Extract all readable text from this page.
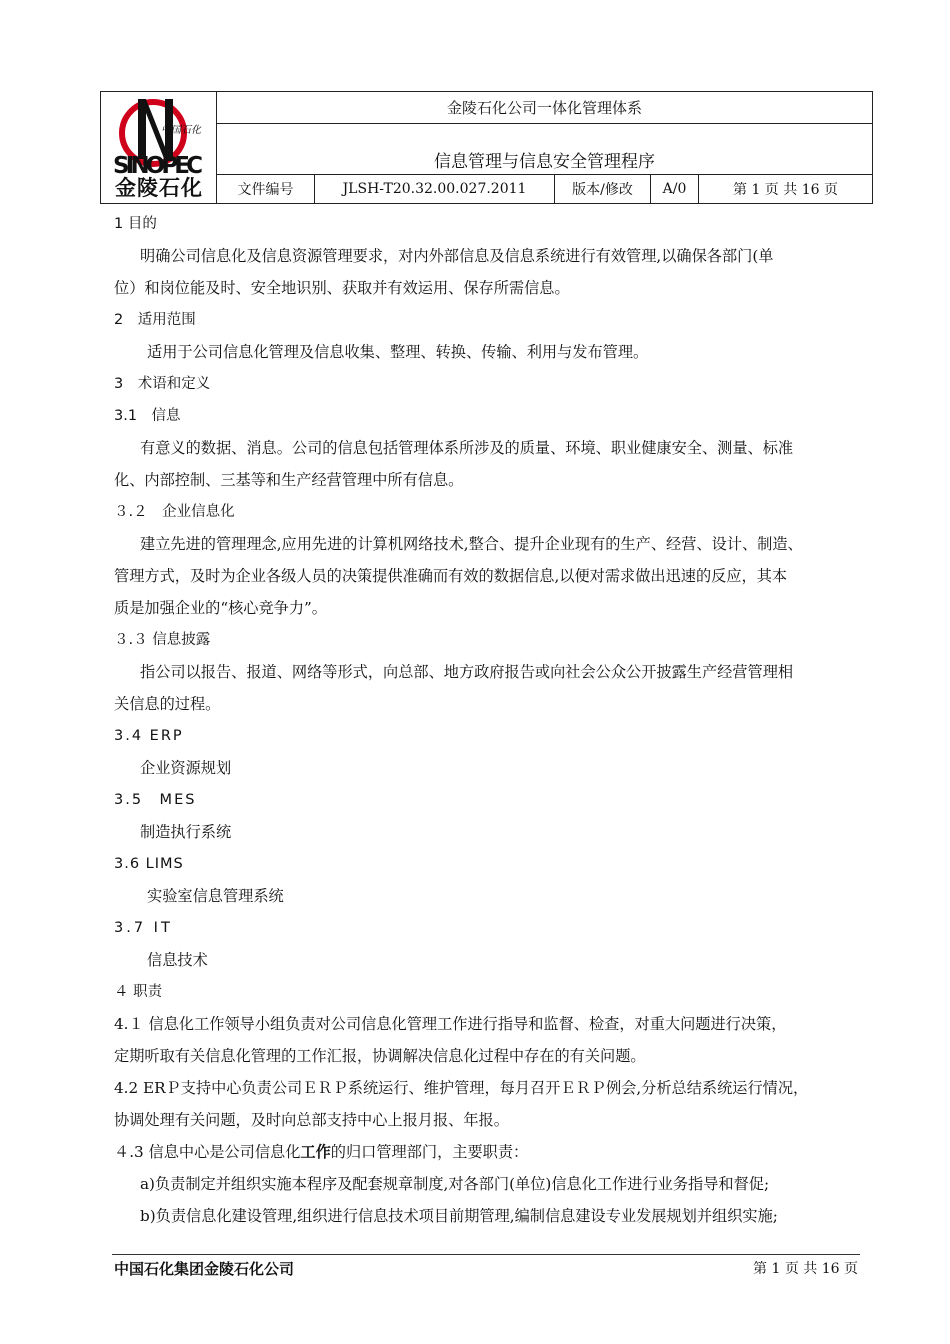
中国石化
SINOPEC
金陵石化	金陵石化公司一体化管理体系				
	信息管理与信息安全管理程序				
	文件编号	JLSH-T20.32.00.027.2011	版本/修改	A/0	第 1 页 共 16 页
1 目的
明确公司信息化及信息资源管理要求，对内外部信息及信息系统进行有效管理,以确保各部门(单
位）和岗位能及时、安全地识别、获取并有效运用、保存所需信息。
2　适用范围
适用于公司信息化管理及信息收集、整理、转换、传输、利用与发布管理。
3　术语和定义
3.1　信息
有意义的数据、消息。公司的信息包括管理体系所涉及的质量、环境、职业健康安全、测量、标准
化、内部控制、三基等和生产经营管理中所有信息。
３.２　企业信息化
建立先进的管理理念,应用先进的计算机网络技术,整合、提升企业现有的生产、经营、设计、制造、
管理方式，及时为企业各级人员的决策提供准确而有效的数据信息,以便对需求做出迅速的反应，其本
质是加强企业的“核心竞争力”。
３.３ 信息披露
指公司以报告、报道、网络等形式，向总部、地方政府报告或向社会公众公开披露生产经营管理相
关信息的过程。
3.4 ERP
企业资源规划
3.5　MES
制造执行系统
3.6 LIMS
实验室信息管理系统
3.7 IT
信息技术
４ 职责
4.１ 信息化工作领导小组负责对公司信息化管理工作进行指导和监督、检查，对重大问题进行决策，
定期听取有关信息化管理的工作汇报，协调解决信息化过程中存在的有关问题。
4.2 ERＰ支持中心负责公司ＥＲＰ系统运行、维护管理，每月召开ＥＲＰ例会,分析总结系统运行情况，
协调处理有关问题，及时向总部支持中心上报月报、年报。
４.3 信息中心是公司信息化工作的归口管理部门，主要职责：
a)负责制定并组织实施本程序及配套规章制度,对各部门(单位)信息化工作进行业务指导和督促;
b)负责信息化建设管理,组织进行信息技术项目前期管理,编制信息建设专业发展规划并组织实施;
中国石化集团金陵石化公司	第 1 页 共 16 页
